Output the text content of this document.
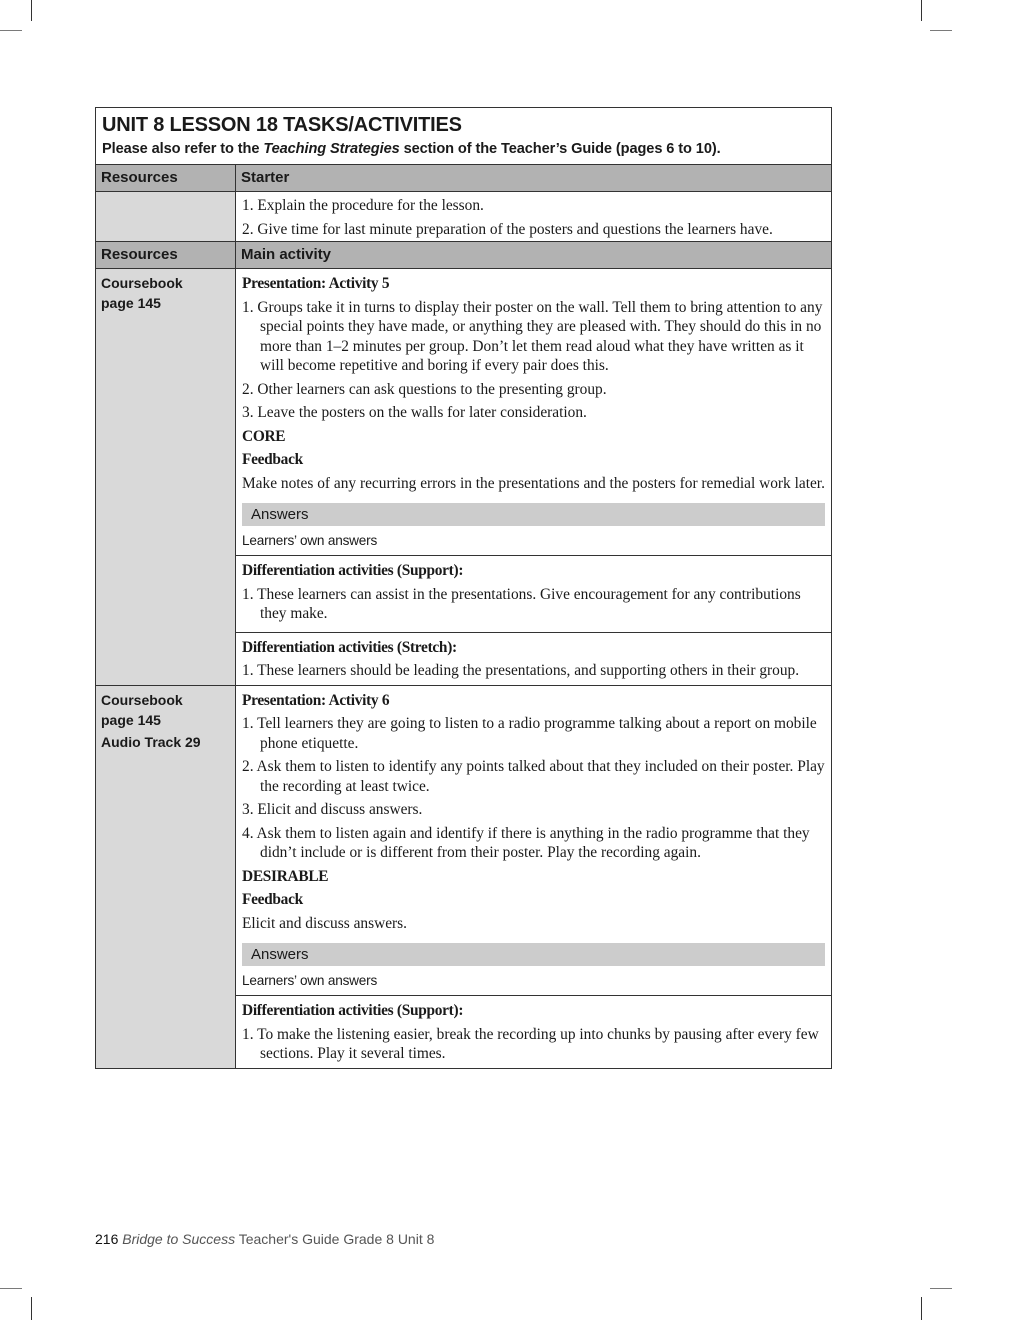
UNIT 8 LESSON 18 TASKS/ACTIVITIES
Please also refer to the Teaching Strategies section of the Teacher’s Guide (pages 6 to 10).
Resources	Starter
1. Explain the procedure for the lesson.
2. Give time for last minute preparation of the posters and questions the learners have.
Resources	Main activity
Coursebook
page 145
Presentation: Activity 5
1. Groups take it in turns to display their poster on the wall. Tell them to bring attention to any special points they have made, or anything they are pleased with. They should do this in no more than 1–2 minutes per group. Don’t let them read aloud what they have written as it will become repetitive and boring if every pair does this.
2. Other learners can ask questions to the presenting group.
3. Leave the posters on the walls for later consideration.
CORE
Feedback
Make notes of any recurring errors in the presentations and the posters for remedial work later.
Answers
Learners’ own answers
Differentiation activities (Support):
1. These learners can assist in the presentations. Give encouragement for any contributions they make.
Differentiation activities (Stretch):
1. These learners should be leading the presentations, and supporting others in their group.
Coursebook
page 145
Audio Track 29
Presentation: Activity 6
1. Tell learners they are going to listen to a radio programme talking about a report on mobile phone etiquette.
2. Ask them to listen to identify any points talked about that they included on their poster. Play the recording at least twice.
3. Elicit and discuss answers.
4. Ask them to listen again and identify if there is anything in the radio programme that they didn’t include or is different from their poster. Play the recording again.
DESIRABLE
Feedback
Elicit and discuss answers.
Answers
Learners’ own answers
Differentiation activities (Support):
1. To make the listening easier, break the recording up into chunks by pausing after every few sections. Play it several times.
216 Bridge to Success Teacher's Guide Grade 8 Unit 8
